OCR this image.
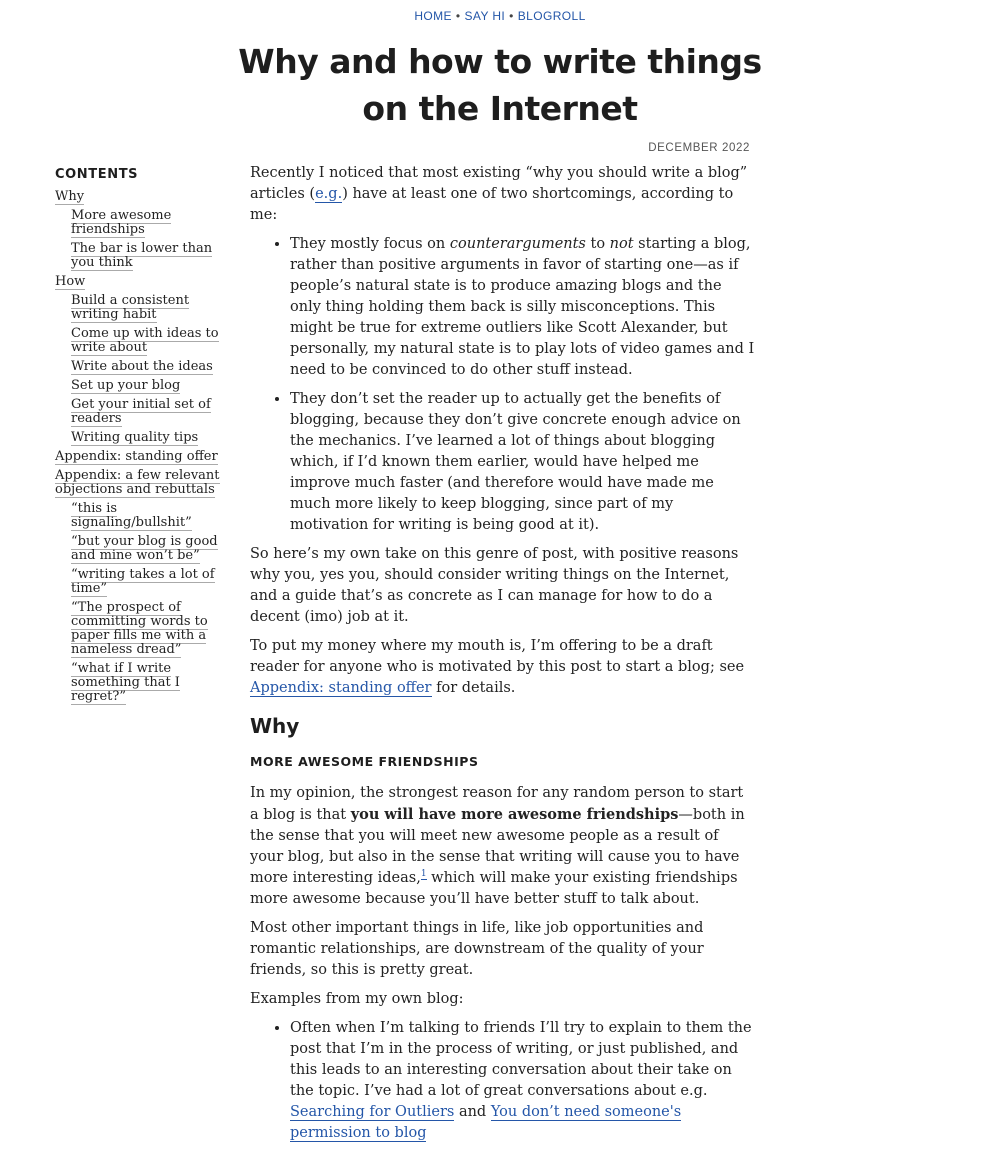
HOME • SAY HI • BLOGROLL
Why and how to write things
on the Internet
DECEMBER 2022
CONTENTS
Why
More awesome friendships
The bar is lower than you think
How
Build a consistent writing habit
Come up with ideas to write about
Write about the ideas
Set up your blog
Get your initial set of readers
Writing quality tips
Appendix: standing offer
Appendix: a few relevant objections and rebuttals
“this is signaling/bullshit”
“but your blog is good and mine won’t be”
“writing takes a lot of time”
“The prospect of committing words to paper fills me with a nameless dread”
“what if I write something that I regret?”

Recently I noticed that most existing “why you should write a blog” articles (e.g.) have at least one of two shortcomings, according to me:

• They mostly focus on counterarguments to not starting a blog, rather than positive arguments in favor of starting one—as if people’s natural state is to produce amazing blogs and the only thing holding them back is silly misconceptions. This might be true for extreme outliers like Scott Alexander, but personally, my natural state is to play lots of video games and I need to be convinced to do other stuff instead.
• They don’t set the reader up to actually get the benefits of blogging, because they don’t give concrete enough advice on the mechanics. I’ve learned a lot of things about blogging which, if I’d known them earlier, would have helped me improve much faster (and therefore would have made me much more likely to keep blogging, since part of my motivation for writing is being good at it).

So here’s my own take on this genre of post, with positive reasons why you, yes you, should consider writing things on the Internet, and a guide that’s as concrete as I can manage for how to do a decent (imo) job at it.

To put my money where my mouth is, I’m offering to be a draft reader for anyone who is motivated by this post to start a blog; see Appendix: standing offer for details.

Why
MORE AWESOME FRIENDSHIPS

In my opinion, the strongest reason for any random person to start a blog is that you will have more awesome friendships—both in the sense that you will meet new awesome people as a result of your blog, but also in the sense that writing will cause you to have more interesting ideas,$^1$ which will make your existing friendships more awesome because you’ll have better stuff to talk about.

Most other important things in life, like job opportunities and romantic relationships, are downstream of the quality of your friends, so this is pretty great.

Examples from my own blog:

• Often when I’m talking to friends I’ll try to explain to them the post that I’m in the process of writing, or just published, and this leads to an interesting conversation about their take on the topic. I’ve had a lot of great conversations about e.g. Searching for Outliers and You don’t need someone's permission to blog
